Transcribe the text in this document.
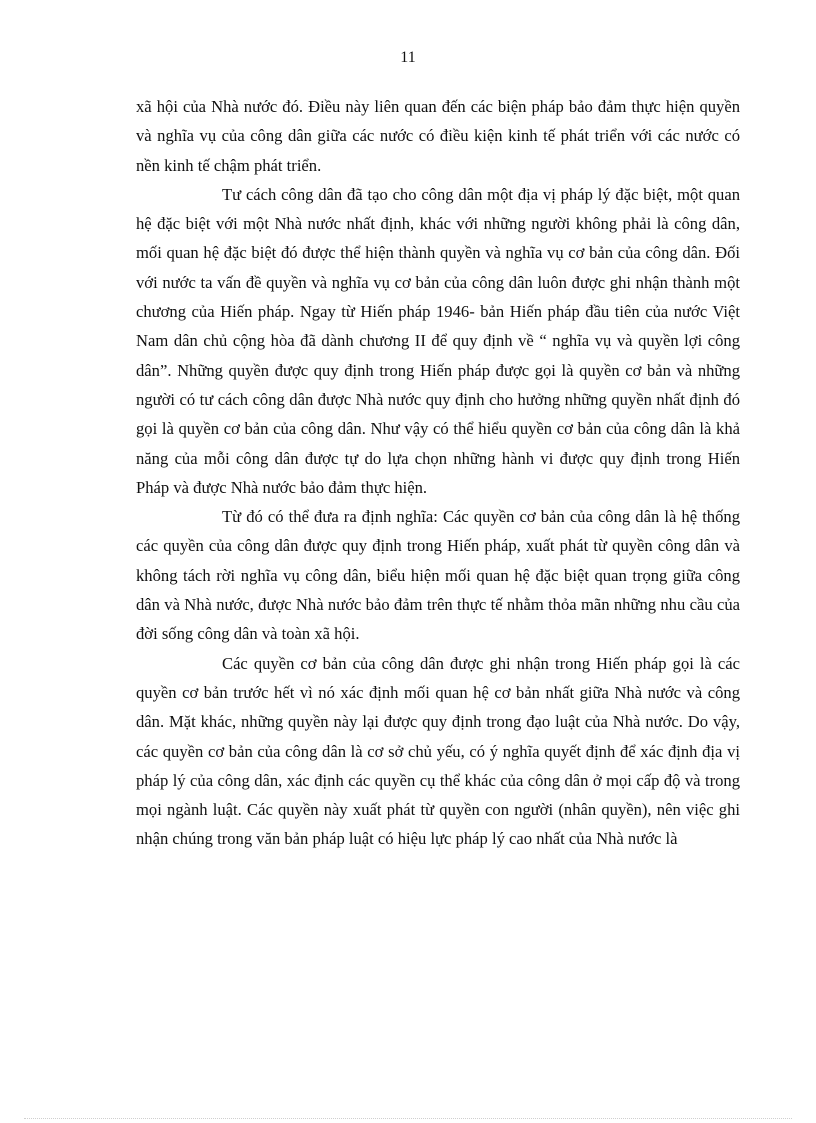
11

xã hội của Nhà nước đó. Điều này liên quan đến các biện pháp bảo đảm thực hiện quyền và nghĩa vụ của công dân giữa các nước có điều kiện kinh tế phát triển với các nước có nền kinh tế chậm phát triển.

Tư cách công dân đã tạo cho công dân một địa vị pháp lý đặc biệt, một quan hệ đặc biệt với một Nhà nước nhất định, khác với những người không phải là công dân, mối quan hệ đặc biệt đó được thể hiện thành quyền và nghĩa vụ cơ bản của công dân. Đối với nước ta vấn đề quyền và nghĩa vụ cơ bản của công dân luôn được ghi nhận thành một chương của Hiến pháp. Ngay từ Hiến pháp 1946- bản Hiến pháp đầu tiên của nước Việt Nam dân chủ cộng hòa đã dành chương II để quy định về “ nghĩa vụ và quyền lợi công dân”. Những quyền được quy định trong Hiến pháp được gọi là quyền cơ bản và những người có tư cách công dân được Nhà nước quy định cho hưởng những quyền nhất định đó gọi là quyền cơ bản của công dân. Như vậy có thể hiểu quyền cơ bản của công dân là khả năng của mỗi công dân được tự do lựa chọn những hành vi được quy định trong Hiến Pháp và được Nhà nước bảo đảm thực hiện.

Từ đó có thể đưa ra định nghĩa: Các quyền cơ bản của công dân là hệ thống các quyền của công dân được quy định trong Hiến pháp, xuất phát từ quyền công dân và không tách rời nghĩa vụ công dân, biểu hiện mối quan hệ đặc biệt quan trọng giữa công dân và Nhà nước, được Nhà nước bảo đảm trên thực tế nhằm thỏa mãn những nhu cầu của đời sống công dân và toàn xã hội.

Các quyền cơ bản của công dân được ghi nhận trong Hiến pháp gọi là các quyền cơ bản trước hết vì nó xác định mối quan hệ cơ bản nhất giữa Nhà nước và công dân. Mặt khác, những quyền này lại được quy định trong đạo luật của Nhà nước. Do vậy, các quyền cơ bản của công dân là cơ sở chủ yếu, có ý nghĩa quyết định để xác định địa vị pháp lý của công dân, xác định các quyền cụ thể khác của công dân ở mọi cấp độ và trong mọi ngành luật. Các quyền này xuất phát từ quyền con người (nhân quyền), nên việc ghi nhận chúng trong văn bản pháp luật có hiệu lực pháp lý cao nhất của Nhà nước là
